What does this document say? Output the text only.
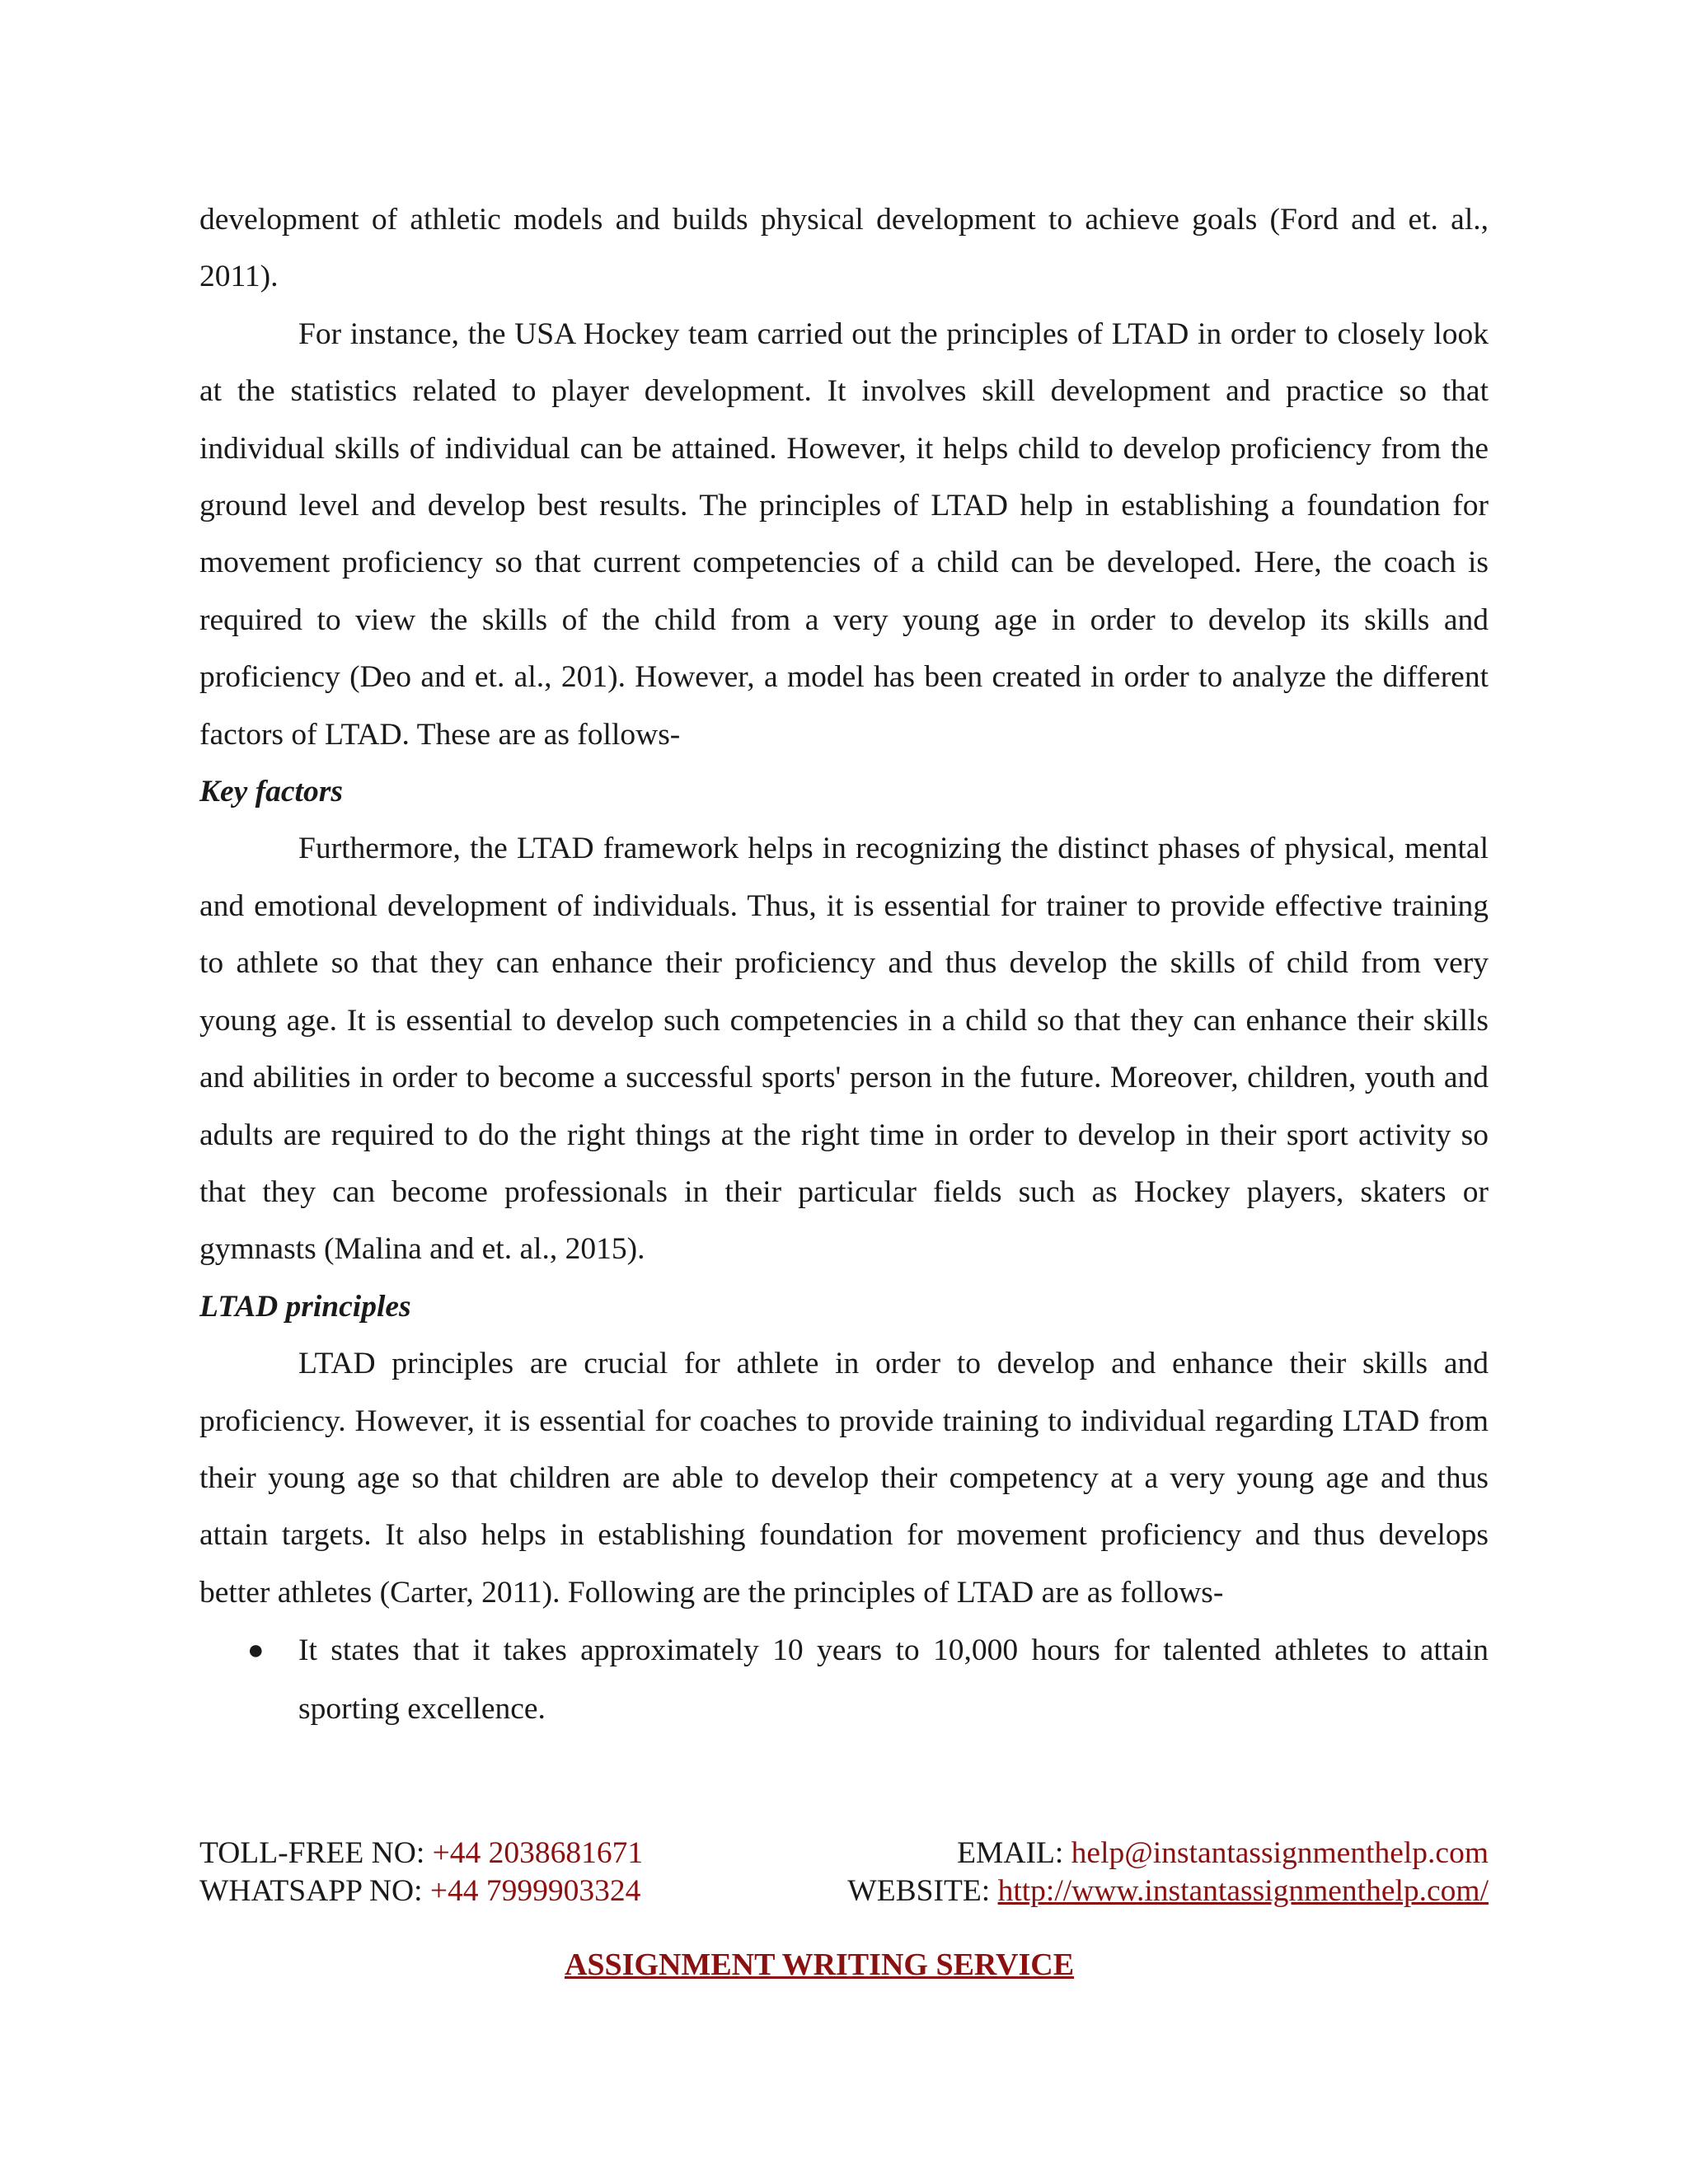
development of athletic models and builds physical development to achieve goals (Ford and et. al., 2011).

For instance, the USA Hockey team carried out the principles of LTAD in order to closely look at the statistics related to player development. It involves skill development and practice so that individual skills of individual can be attained. However, it helps child to develop proficiency from the ground level and develop best results. The principles of LTAD help in establishing a foundation for movement proficiency so that current competencies of a child can be developed. Here, the coach is required to view the skills of the child from a very young age in order to develop its skills and proficiency (Deo and et. al., 201). However, a model has been created in order to analyze the different factors of LTAD. These are as follows-

Key factors

Furthermore, the LTAD framework helps in recognizing the distinct phases of physical, mental and emotional development of individuals. Thus, it is essential for trainer to provide effective training to athlete so that they can enhance their proficiency and thus develop the skills of child from very young age. It is essential to develop such competencies in a child so that they can enhance their skills and abilities in order to become a successful sports' person in the future. Moreover, children, youth and adults are required to do the right things at the right time in order to develop in their sport activity so that they can become professionals in their particular fields such as Hockey players, skaters or gymnasts (Malina and et. al., 2015).

LTAD principles

LTAD principles are crucial for athlete in order to develop and enhance their skills and proficiency. However, it is essential for coaches to provide training to individual regarding LTAD from their young age so that children are able to develop their competency at a very young age and thus attain targets. It also helps in establishing foundation for movement proficiency and thus develops better athletes (Carter, 2011). Following are the principles of LTAD are as follows-

● It states that it takes approximately 10 years to 10,000 hours for talented athletes to attain sporting excellence.
TOLL-FREE NO: +44 2038681671	EMAIL: help@instantassignmenthelp.com
WHATSAPP NO: +44 7999903324	WEBSITE: http://www.instantassignmenthelp.com/
ASSIGNMENT WRITING SERVICE
